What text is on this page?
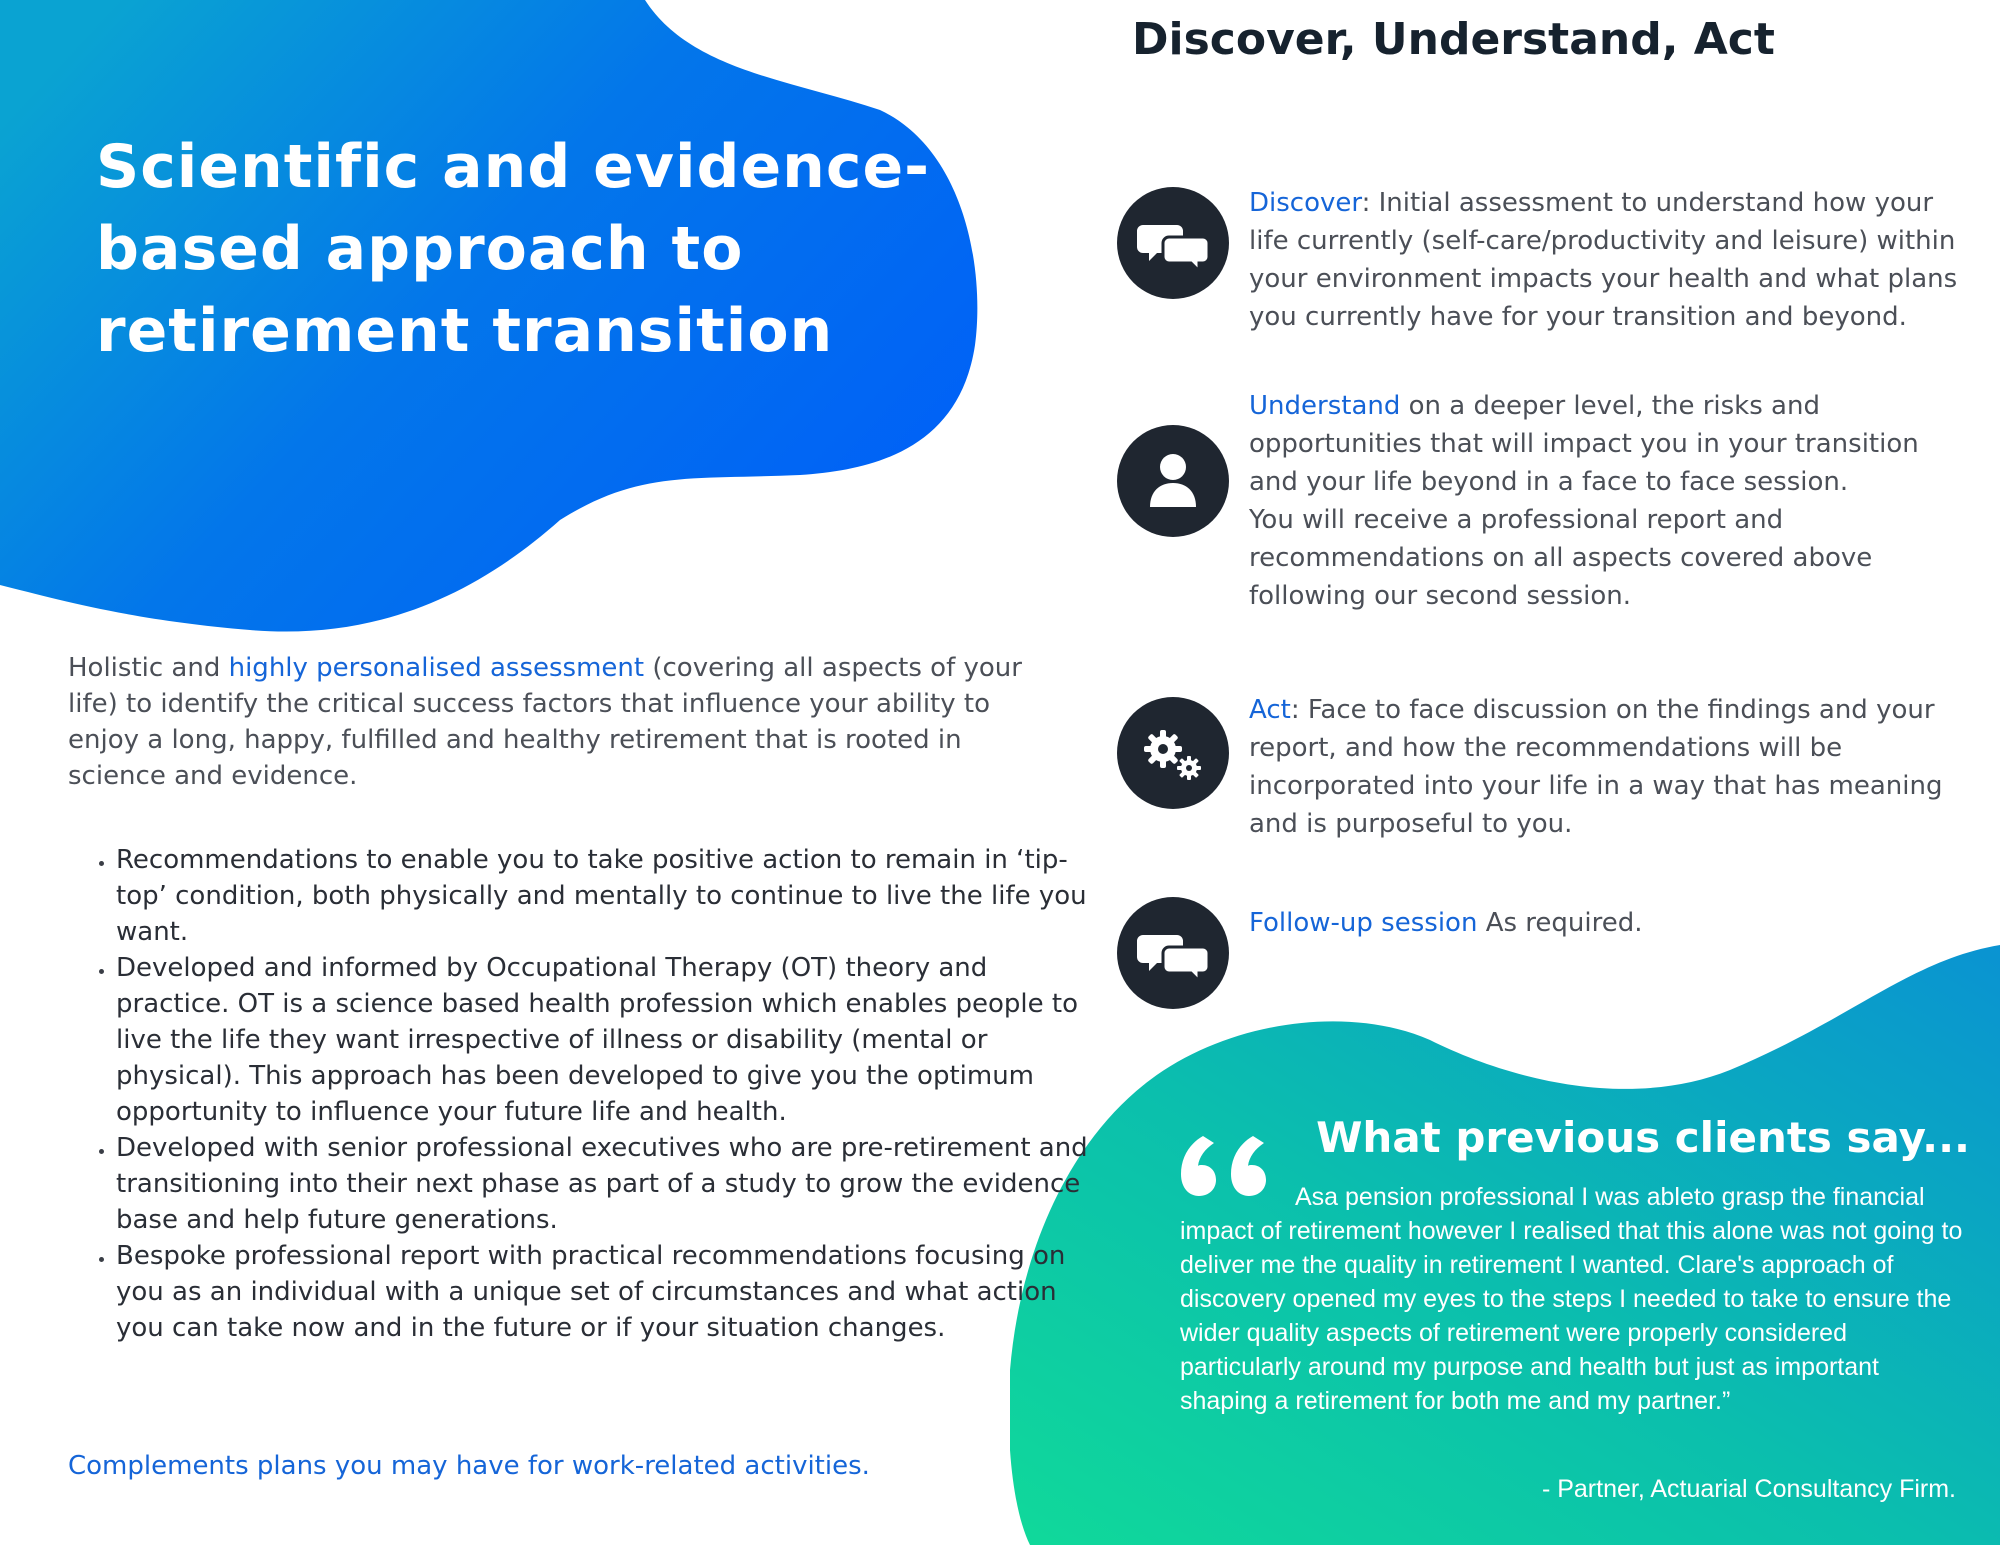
Scientific and evidence-based approach to retirement transition
Holistic and highly personalised assessment (covering all aspects of your life) to identify the critical success factors that influence your ability to enjoy a long, happy, fulfilled and healthy retirement that is rooted in science and evidence.
• Recommendations to enable you to take positive action to remain in ‘tip-top’ condition, both physically and mentally to continue to live the life you want.
• Developed and informed by Occupational Therapy (OT) theory and practice. OT is a science based health profession which enables people to live the life they want irrespective of illness or disability (mental or physical). This approach has been developed to give you the optimum opportunity to influence your future life and health.
• Developed with senior professional executives who are pre-retirement and transitioning into their next phase as part of a study to grow the evidence base and help future generations.
• Bespoke professional report with practical recommendations focusing on you as an individual with a unique set of circumstances and what action you can take now and in the future or if your situation changes.
Complements plans you may have for work-related activities.
Discover, Understand, Act
Discover: Initial assessment to understand how your life currently (self-care/productivity and leisure) within your environment impacts your health and what plans you currently have for your transition and beyond.
Understand on a deeper level, the risks and opportunities that will impact you in your transition and your life beyond in a face to face session.
You will receive a professional report and recommendations on all aspects covered above following our second session.
Act: Face to face discussion on the findings and your report, and how the recommendations will be incorporated into your life in a way that has meaning and is purposeful to you.
Follow-up session As required.
What previous clients say...
Asa pension professional I was ableto grasp the financial impact of retirement however I realised that this alone was not going to deliver me the quality in retirement I wanted. Clare's approach of discovery opened my eyes to the steps I needed to take to ensure the wider quality aspects of retirement were properly considered particularly around my purpose and health but just as important shaping a retirement for both me and my partner.”
- Partner, Actuarial Consultancy Firm.
